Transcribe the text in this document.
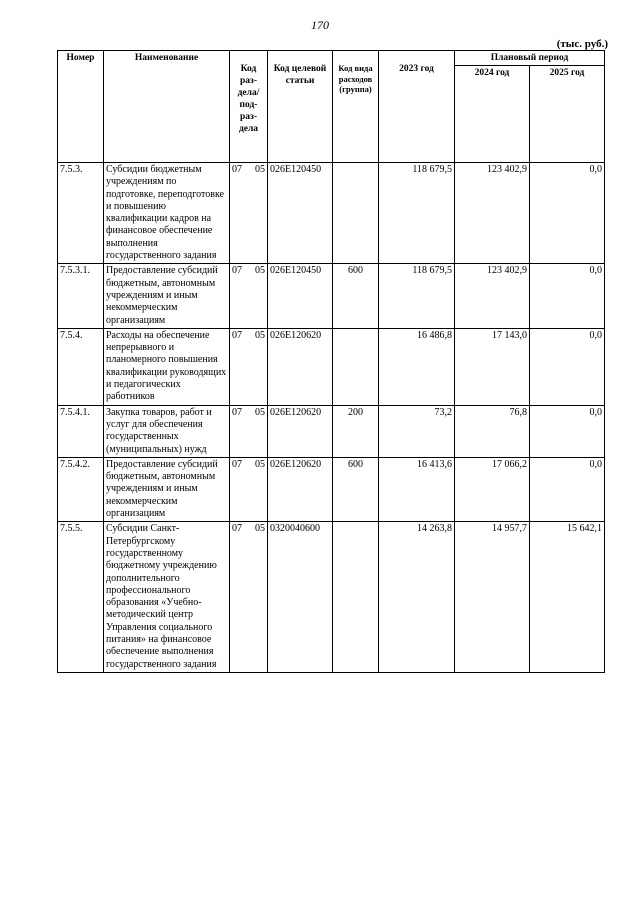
170
(тыс. руб.)
Номер	Наименование	Код раз- дела/ под- раз- дела	Код целевой статьи	Код вида расходов (группа)	2023 год	Плановый период	
						2024 год	2025 год
7.5.3.	Субсидии бюджетным учреждениям по подготовке, переподготовке и повышению квалификации кадров на финансовое обеспечение выполнения государственного задания	07 05	026Е120450		118 679,5	123 402,9	0,0
7.5.3.1.	Предоставление субсидий бюджетным, автономным учреждениям и иным некоммерческим организациям	07 05	026Е120450	600	118 679,5	123 402,9	0,0
7.5.4.	Расходы на обеспечение непрерывного и планомерного повышения квалификации руководящих и педагогических работников	07 05	026Е120620		16 486,8	17 143,0	0,0
7.5.4.1.	Закупка товаров, работ и услуг для обеспечения государственных (муниципальных) нужд	07 05	026Е120620	200	73,2	76,8	0,0
7.5.4.2.	Предоставление субсидий бюджетным, автономным учреждениям и иным некоммерческим организациям	07 05	026Е120620	600	16 413,6	17 066,2	0,0
7.5.5.	Субсидии Санкт-Петербургскому государственному бюджетному учреждению дополнительного профессионального образования «Учебно-методический центр Управления социального питания» на финансовое обеспечение выполнения государственного задания	07 05	0320040600		14 263,8	14 957,7	15 642,1
